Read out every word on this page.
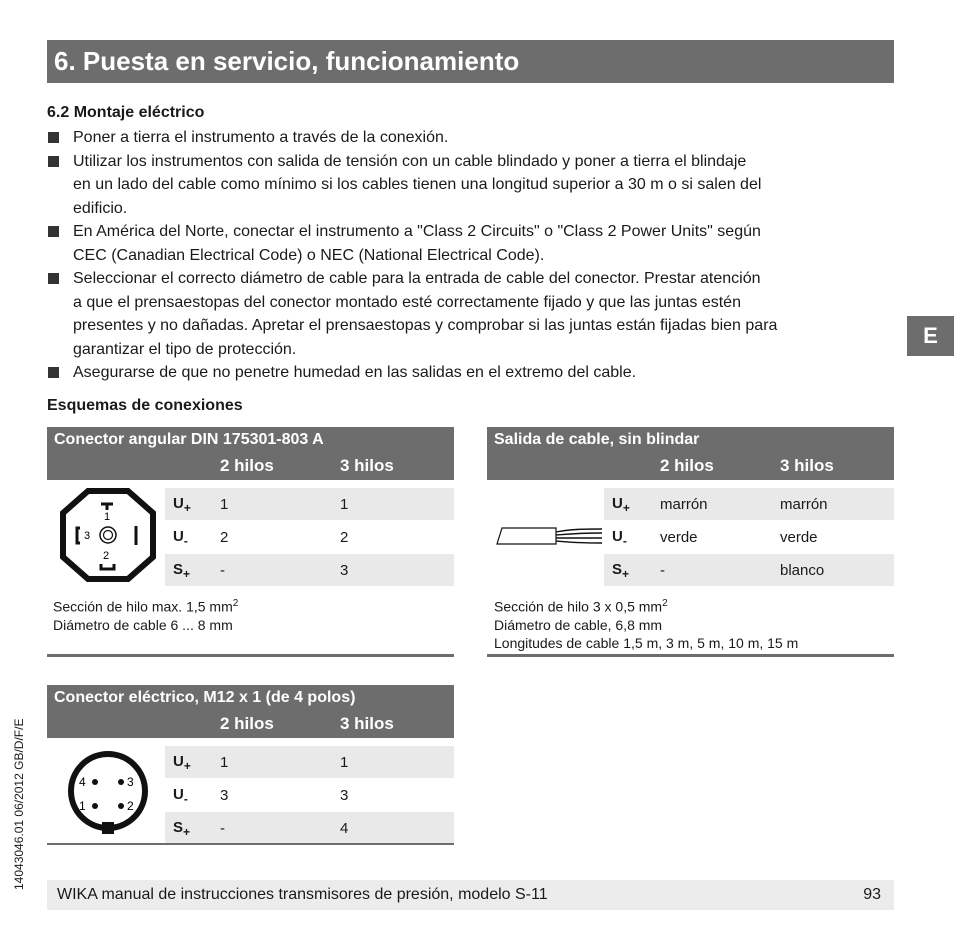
6. Puesta en servicio, funcionamiento
6.2 Montaje eléctrico
Poner a tierra el instrumento a través de la conexión.
Utilizar los instrumentos con salida de tensión con un cable blindado y poner a tierra el blindaje
en un lado del cable como mínimo si los cables tienen una longitud superior a 30 m o si salen del
edificio.
En América del Norte, conectar el instrumento a "Class 2 Circuits" o "Class 2 Power Units" según
CEC (Canadian Electrical Code) o NEC (National Electrical Code).
Seleccionar el correcto diámetro de cable para la entrada de cable del conector. Prestar atención
a que el prensaestopas del conector montado esté correctamente fijado y que las juntas estén
presentes y no dañadas. Apretar el prensaestopas y comprobar si las juntas están fijadas bien para
garantizar el tipo de protección.
Asegurarse de que no penetre humedad en las salidas en el extremo del cable.
E
Esquemas de conexiones
Conector angular DIN 175301-803 A
2 hilos	3 hilos
1
3
2
$U_+$ 1	1
$U_-$ 2	2
$S_+$ -	3
Sección de hilo max. 1,5 $mm^2$
Diámetro de cable 6 ... 8 mm
Salida de cable, sin blindar
2 hilos	3 hilos
$U_+$ marrón	marrón
$U_-$ verde	verde
$S_+$ -	blanco
Sección de hilo 3 x 0,5 $mm^2$
Diámetro de cable, 6,8 mm
Longitudes de cable 1,5 m, 3 m, 5 m, 10 m, 15 m
Conector eléctrico, M12 x 1 (de 4 polos)
2 hilos	3 hilos
4	3
1	2
$U_+$ 1	1
$U_-$ 3	3
$S_+$ -	4
14043046.01 06/2012 GB/D/F/E
WIKA manual de instrucciones transmisores de presión, modelo S-11	93
